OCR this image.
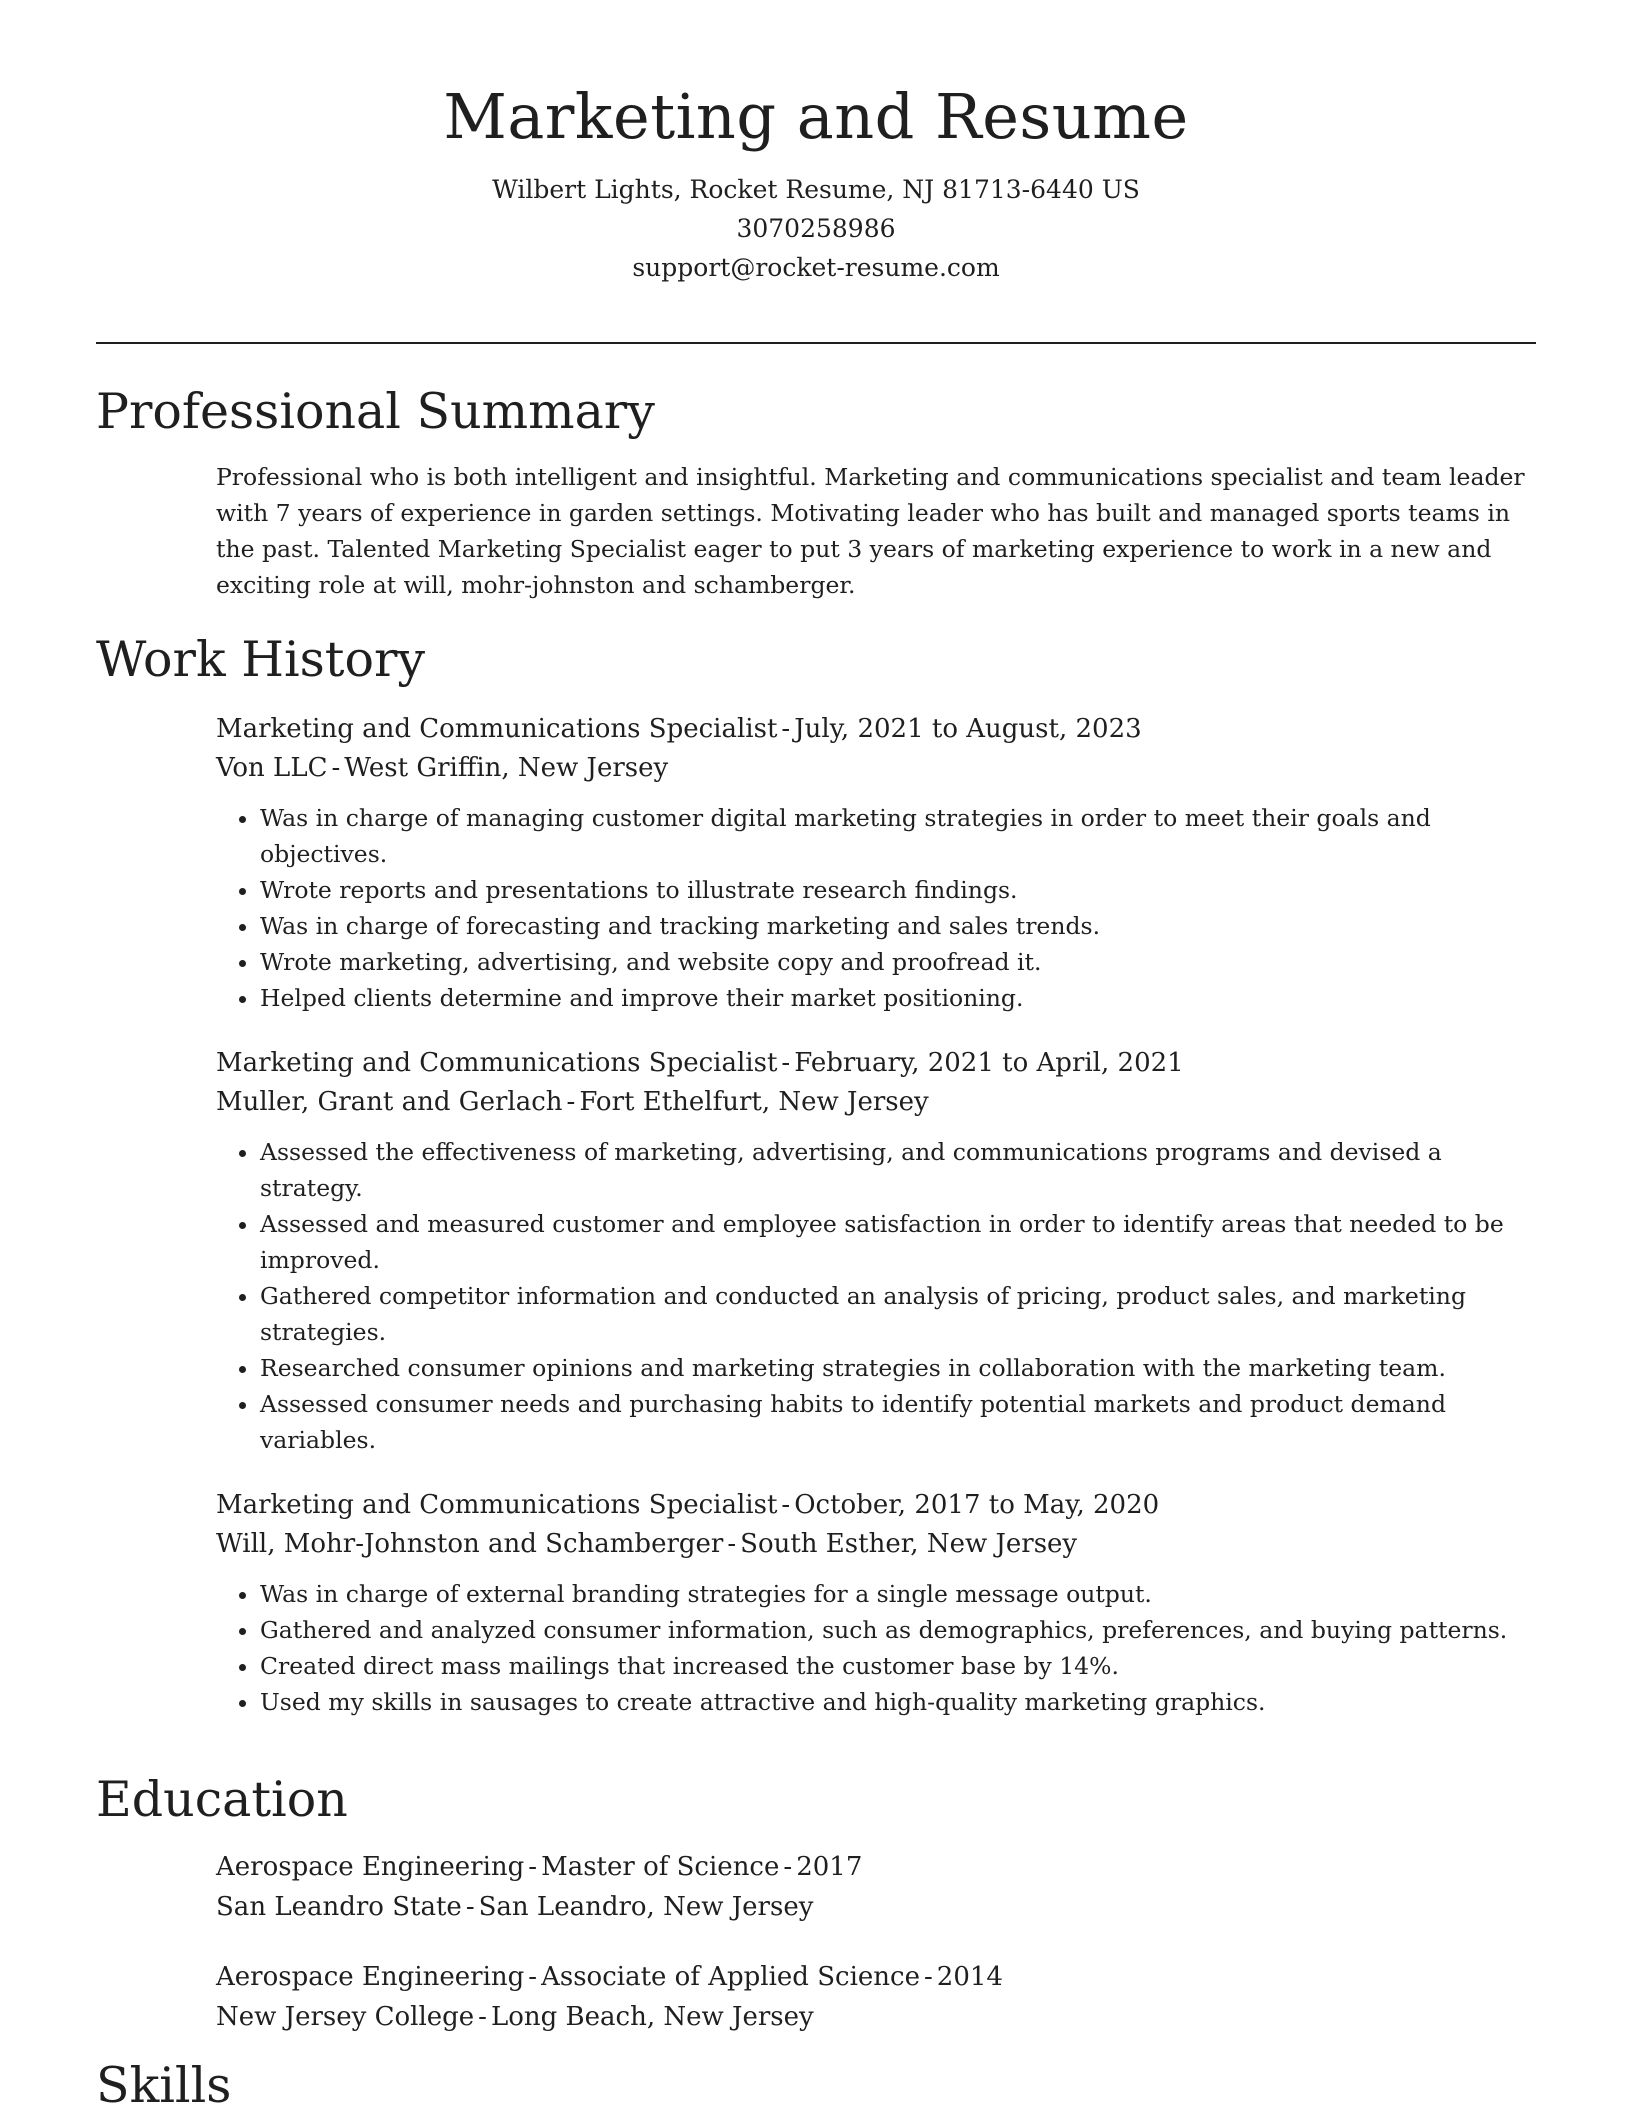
Marketing and Resume
Wilbert Lights, Rocket Resume, NJ 81713-6440 US
3070258986
support@rocket-resume.com
Professional Summary

Professional who is both intelligent and insightful. Marketing and communications specialist and team leader with 7 years of experience in garden settings. Motivating leader who has built and managed sports teams in the past. Talented Marketing Specialist eager to put 3 years of marketing experience to work in a new and exciting role at will, mohr-johnston and schamberger.

Work History
Marketing and Communications Specialist - July, 2021 to August, 2023
Von LLC - West Griffin, New Jersey
• Was in charge of managing customer digital marketing strategies in order to meet their goals and objectives.
• Wrote reports and presentations to illustrate research findings.
• Was in charge of forecasting and tracking marketing and sales trends.
• Wrote marketing, advertising, and website copy and proofread it.
• Helped clients determine and improve their market positioning.
Marketing and Communications Specialist - February, 2021 to April, 2021
Muller, Grant and Gerlach - Fort Ethelfurt, New Jersey
• Assessed the effectiveness of marketing, advertising, and communications programs and devised a strategy.
• Assessed and measured customer and employee satisfaction in order to identify areas that needed to be improved.
• Gathered competitor information and conducted an analysis of pricing, product sales, and marketing strategies.
• Researched consumer opinions and marketing strategies in collaboration with the marketing team.
• Assessed consumer needs and purchasing habits to identify potential markets and product demand variables.
Marketing and Communications Specialist - October, 2017 to May, 2020
Will, Mohr-Johnston and Schamberger - South Esther, New Jersey
• Was in charge of external branding strategies for a single message output.
• Gathered and analyzed consumer information, such as demographics, preferences, and buying patterns.
• Created direct mass mailings that increased the customer base by 14%.
• Used my skills in sausages to create attractive and high-quality marketing graphics.
Education
Aerospace Engineering - Master of Science - 2017
San Leandro State - San Leandro, New Jersey
Aerospace Engineering - Associate of Applied Science - 2014
New Jersey College - Long Beach, New Jersey
Skills
